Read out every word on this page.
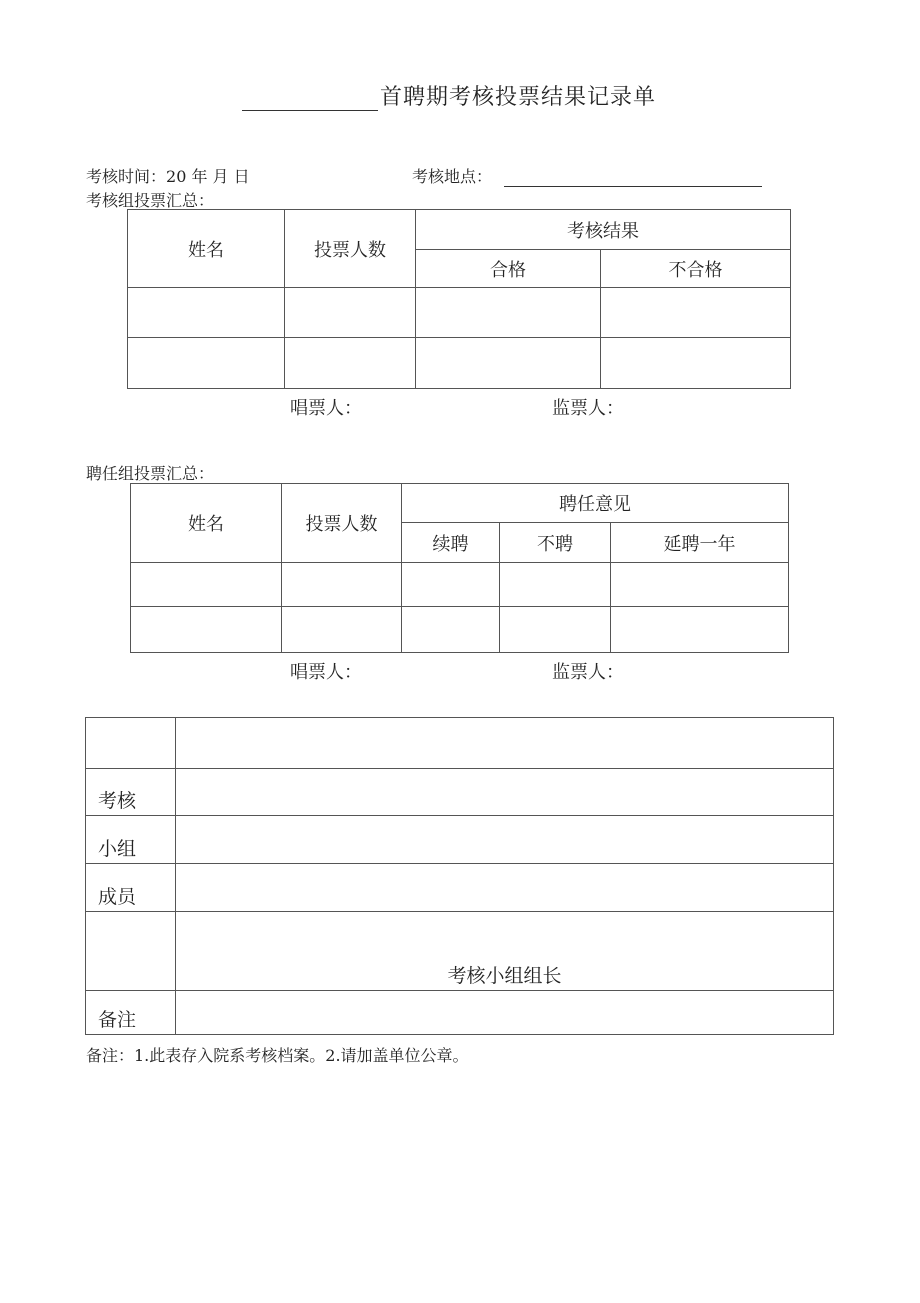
首聘期考核投票结果记录单
考核时间：20 年 月 日	考核地点：
考核组投票汇总：
姓名	投票人数	考核结果	
		合格	不合格

唱票人：	监票人：
聘任组投票汇总：
姓名	投票人数	聘任意见		
		续聘	不聘	延聘一年

唱票人：	监票人：

考核	
小组	
成员	
	考核小组组长
备注	
备注：1.此表存入院系考核档案。2.请加盖单位公章。
